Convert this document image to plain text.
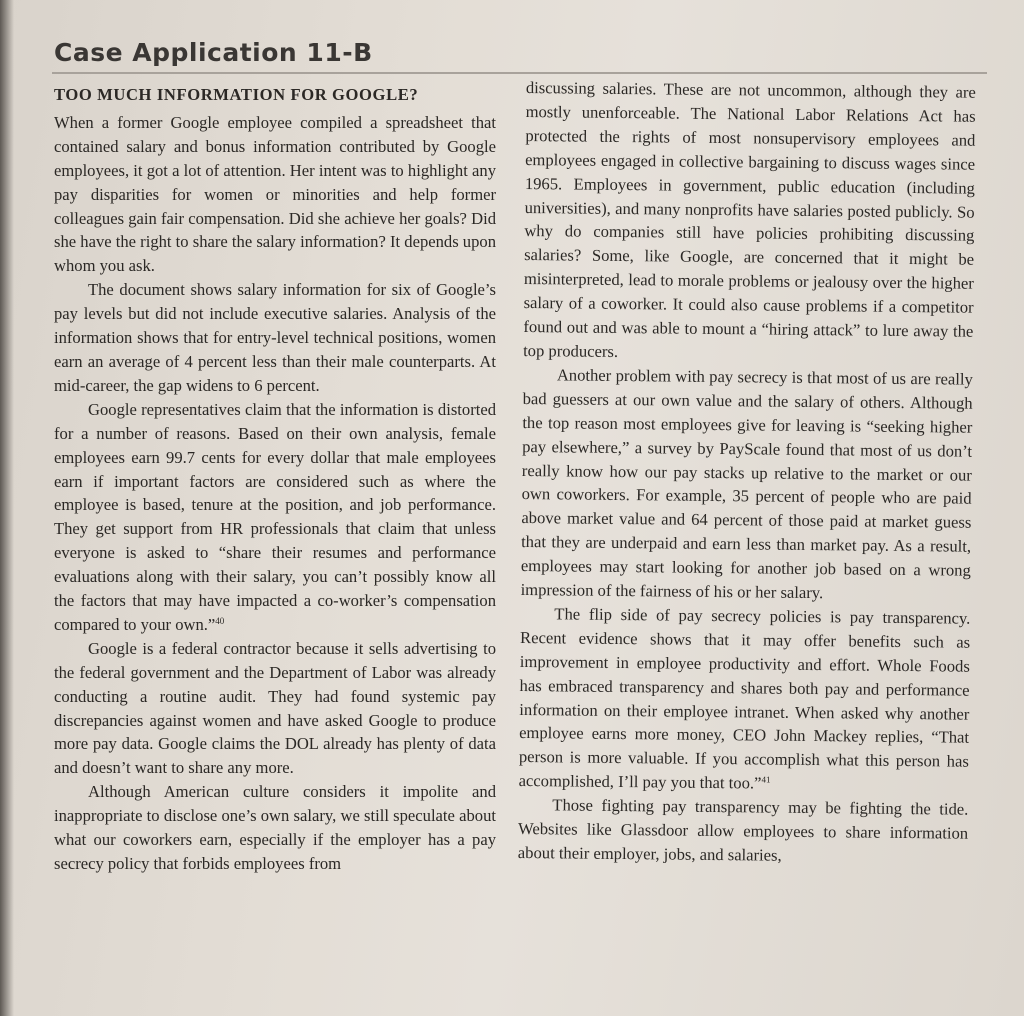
Case Application 11-B
TOO MUCH INFORMATION FOR GOOGLE?

When a former Google employee compiled a spreadsheet that contained salary and bonus information contributed by Google employees, it got a lot of attention. Her intent was to highlight any pay disparities for women or minorities and help former colleagues gain fair compensation. Did she achieve her goals? Did she have the right to share the salary information? It depends upon whom you ask.

The document shows salary information for six of Google’s pay levels but did not include executive salaries. Analysis of the information shows that for entry-level technical positions, women earn an average of 4 percent less than their male counterparts. At mid-career, the gap widens to 6 percent.

Google representatives claim that the information is distorted for a number of reasons. Based on their own analysis, female employees earn 99.7 cents for every dollar that male employees earn if important factors are considered such as where the employee is based, tenure at the position, and job performance. They get support from HR professionals that claim that unless everyone is asked to “share their resumes and performance evaluations along with their salary, you can’t possibly know all the factors that may have impacted a co-worker’s compensation compared to your own.”$^{40}$

Google is a federal contractor because it sells advertising to the federal government and the Department of Labor was already conducting a routine audit. They had found systemic pay discrepancies against women and have asked Google to produce more pay data. Google claims the DOL already has plenty of data and doesn’t want to share any more.

Although American culture considers it impolite and inappropriate to disclose one’s own salary, we still speculate about what our coworkers earn, especially if the employer has a pay secrecy policy that forbids employees from

discussing salaries. These are not uncommon, although they are mostly unenforceable. The National Labor Relations Act has protected the rights of most nonsupervisory employees and employees engaged in collective bargaining to discuss wages since 1965. Employees in government, public education (including universities), and many nonprofits have salaries posted publicly. So why do companies still have policies prohibiting discussing salaries? Some, like Google, are concerned that it might be misinterpreted, lead to morale problems or jealousy over the higher salary of a coworker. It could also cause problems if a competitor found out and was able to mount a “hiring attack” to lure away the top producers.

Another problem with pay secrecy is that most of us are really bad guessers at our own value and the salary of others. Although the top reason most employees give for leaving is “seeking higher pay elsewhere,” a survey by PayScale found that most of us don’t really know how our pay stacks up relative to the market or our own coworkers. For example, 35 percent of people who are paid above market value and 64 percent of those paid at market guess that they are underpaid and earn less than market pay. As a result, employees may start looking for another job based on a wrong impression of the fairness of his or her salary.

The flip side of pay secrecy policies is pay transparency. Recent evidence shows that it may offer benefits such as improvement in employee productivity and effort. Whole Foods has embraced transparency and shares both pay and performance information on their employee intranet. When asked why another employee earns more money, CEO John Mackey replies, “That person is more valuable. If you accomplish what this person has accomplished, I’ll pay you that too.”$^{41}$

Those fighting pay transparency may be fighting the tide. Websites like Glassdoor allow employees to share information about their employer, jobs, and salaries,
